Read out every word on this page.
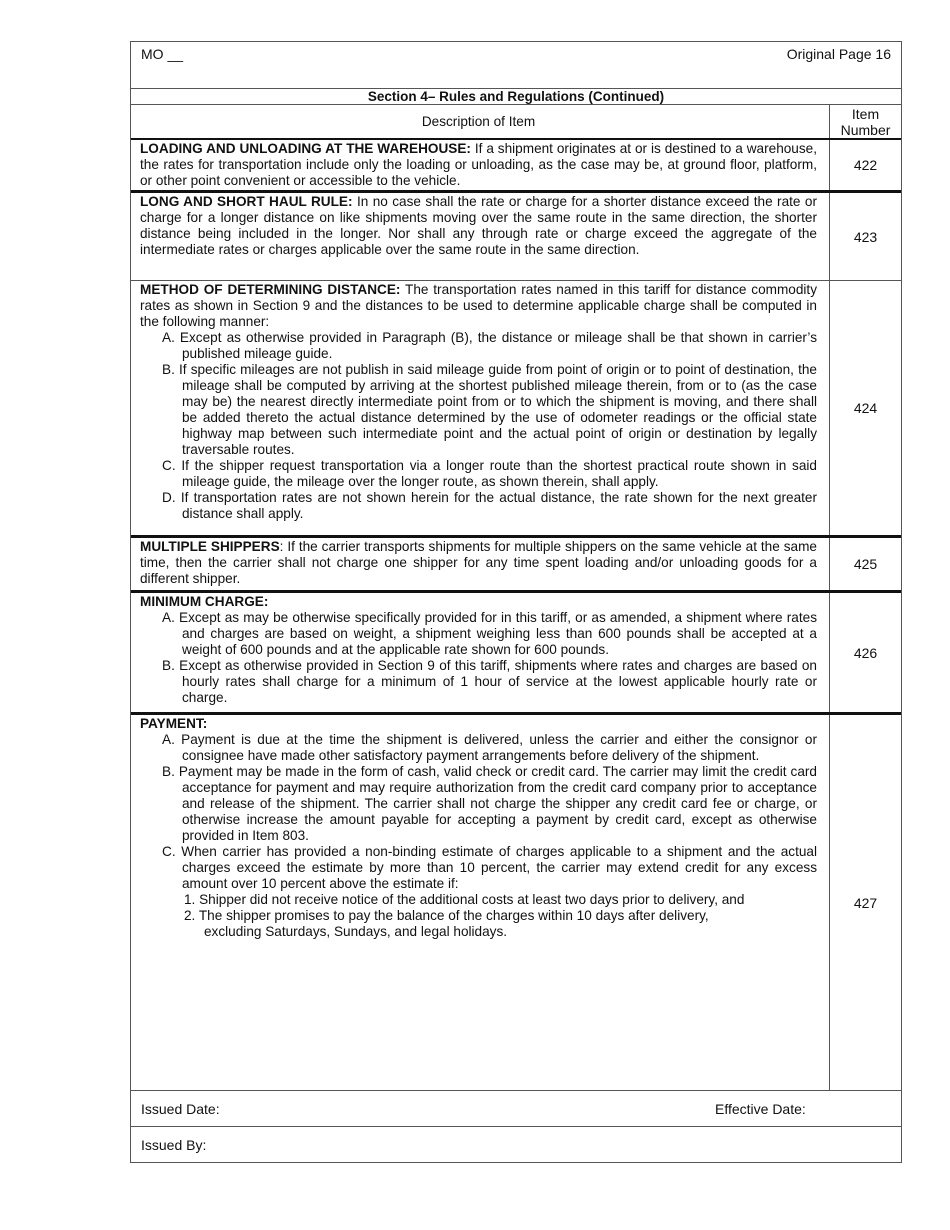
MO __	Original Page 16
Section 4– Rules and Regulations (Continued)
Description of Item	Item Number
LOADING AND UNLOADING AT THE WAREHOUSE: If a shipment originates at or is destined to a warehouse, the rates for transportation include only the loading or unloading, as the case may be, at ground floor, platform, or other point convenient or accessible to the vehicle.
422
LONG AND SHORT HAUL RULE: In no case shall the rate or charge for a shorter distance exceed the rate or charge for a longer distance on like shipments moving over the same route in the same direction, the shorter distance being included in the longer. Nor shall any through rate or charge exceed the aggregate of the intermediate rates or charges applicable over the same route in the same direction.
423
METHOD OF DETERMINING DISTANCE: The transportation rates named in this tariff for distance commodity rates as shown in Section 9 and the distances to be used to determine applicable charge shall be computed in the following manner:
A. Except as otherwise provided in Paragraph (B), the distance or mileage shall be that shown in carrier’s published mileage guide.
B. If specific mileages are not publish in said mileage guide from point of origin or to point of destination, the mileage shall be computed by arriving at the shortest published mileage therein, from or to (as the case may be) the nearest directly intermediate point from or to which the shipment is moving, and there shall be added thereto the actual distance determined by the use of odometer readings or the official state highway map between such intermediate point and the actual point of origin or destination by legally traversable routes.
C. If the shipper request transportation via a longer route than the shortest practical route shown in said mileage guide, the mileage over the longer route, as shown therein, shall apply.
D. If transportation rates are not shown herein for the actual distance, the rate shown for the next greater distance shall apply.
424
MULTIPLE SHIPPERS: If the carrier transports shipments for multiple shippers on the same vehicle at the same time, then the carrier shall not charge one shipper for any time spent loading and/or unloading goods for a different shipper.
425
MINIMUM CHARGE:
A. Except as may be otherwise specifically provided for in this tariff, or as amended, a shipment where rates and charges are based on weight, a shipment weighing less than 600 pounds shall be accepted at a weight of 600 pounds and at the applicable rate shown for 600 pounds.
B. Except as otherwise provided in Section 9 of this tariff, shipments where rates and charges are based on hourly rates shall charge for a minimum of 1 hour of service at the lowest applicable hourly rate or charge.
426
PAYMENT:
A. Payment is due at the time the shipment is delivered, unless the carrier and either the consignor or consignee have made other satisfactory payment arrangements before delivery of the shipment.
B. Payment may be made in the form of cash, valid check or credit card. The carrier may limit the credit card acceptance for payment and may require authorization from the credit card company prior to acceptance and release of the shipment. The carrier shall not charge the shipper any credit card fee or charge, or otherwise increase the amount payable for accepting a payment by credit card, except as otherwise provided in Item 803.
C. When carrier has provided a non-binding estimate of charges applicable to a shipment and the actual charges exceed the estimate by more than 10 percent, the carrier may extend credit for any excess amount over 10 percent above the estimate if:
1. Shipper did not receive notice of the additional costs at least two days prior to delivery, and
2. The shipper promises to pay the balance of the charges within 10 days after delivery,
excluding Saturdays, Sundays, and legal holidays.
427
Issued Date:	Effective Date:
Issued By:
